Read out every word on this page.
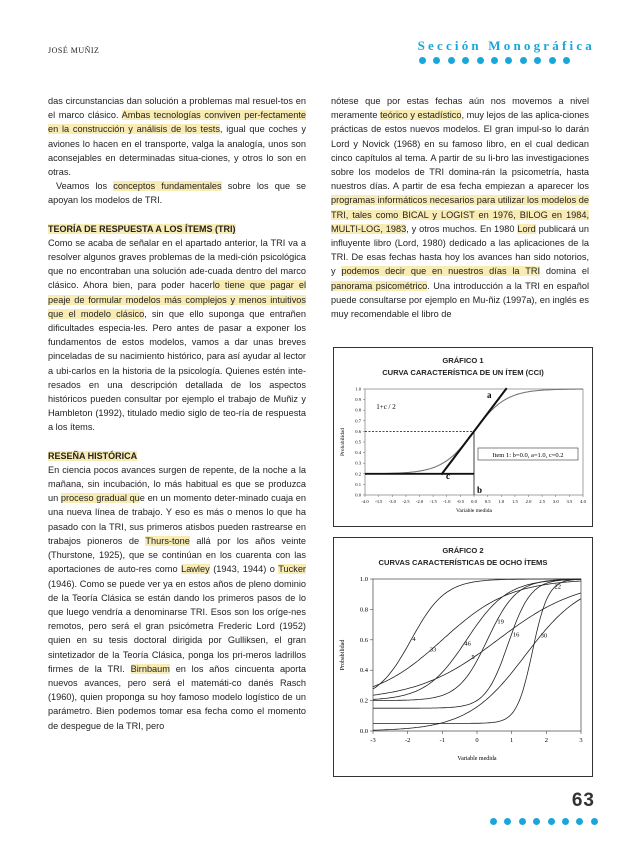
JOSÉ MUÑIZ	Sección Monográfica

das circunstancias dan solución a problemas mal resuel-tos en el marco clásico. Ambas tecnologías conviven per-fectamente en la construcción y análisis de los tests, igual que coches y aviones lo hacen en el transporte, valga la analogía, unos son aconsejables en determinadas situa-ciones, y otros lo son en otras.

Veamos los conceptos fundamentales sobre los que se apoyan los modelos de TRI.

TEORÍA DE RESPUESTA A LOS ÍTEMS (TRI)

Como se acaba de señalar en el apartado anterior, la TRI va a resolver algunos graves problemas de la medi-ción psicológica que no encontraban una solución ade-cuada dentro del marco clásico. Ahora bien, para poder hacerlo tiene que pagar el peaje de formular modelos más complejos y menos intuitivos que el modelo clásico, sin que ello suponga que entrañen dificultades especia-les. Pero antes de pasar a exponer los fundamentos de estos modelos, vamos a dar unas breves pinceladas de su nacimiento histórico, para así ayudar al lector a ubi-carlos en la historia de la psicología. Quienes estén inte-resados en una descripción detallada de los aspectos históricos pueden consultar por ejemplo el trabajo de Muñiz y Hambleton (1992), titulado medio siglo de teo-ría de respuesta a los ítems.

RESEÑA HISTÓRICA

En ciencia pocos avances surgen de repente, de la noche a la mañana, sin incubación, lo más habitual es que se produzca un proceso gradual que en un momento deter-minado cuaja en una nueva línea de trabajo. Y eso es más o menos lo que ha pasado con la TRI, sus primeros atisbos pueden rastrearse en trabajos pioneros de Thurs-tone allá por los años veinte (Thurstone, 1925), que se continúan en los cuarenta con las aportaciones de auto-res como Lawley (1943, 1944) o Tucker (1946). Como se puede ver ya en estos años de pleno dominio de la Teoría Clásica se están dando los primeros pasos de lo que luego vendría a denominarse TRI. Esos son los oríge-nes remotos, pero será el gran psicómetra Frederic Lord (1952) quien en su tesis doctoral dirigida por Gulliksen, el gran sintetizador de la Teoría Clásica, ponga los pri-meros ladrillos firmes de la TRI. Birnbaum en los años cincuenta aporta nuevos avances, pero será el matemáti-co danés Rasch (1960), quien proponga su hoy famoso modelo logístico de un parámetro. Bien podemos tomar esa fecha como el momento de despegue de la TRI, pero

nótese que por estas fechas aún nos movemos a nivel meramente teórico y estadístico, muy lejos de las aplica-ciones prácticas de estos nuevos modelos. El gran impul-so lo darán Lord y Novick (1968) en su famoso libro, en el cual dedican cinco capítulos al tema. A partir de su li-bro las investigaciones sobre los modelos de TRI domina-rán la psicometría, hasta nuestros días. A partir de esa fecha empiezan a aparecer los programas informáticos necesarios para utilizar los modelos de TRI, tales como BICAL y LOGIST en 1976, BILOG en 1984, MULTI-LOG, 1983, y otros muchos. En 1980 Lord publicará un influyente libro (Lord, 1980) dedicado a las aplicaciones de la TRI. De esas fechas hasta hoy los avances han sido notorios, y podemos decir que en nuestros días la TRI domina el panorama psicométrico. Una introducción a la TRI en español puede consultarse por ejemplo en Mu-ñiz (1997a), en inglés es muy recomendable el libro de

GRÁFICO 1
CURVA CARACTERÍSTICA DE UN ÍTEM (CCI)
Probabilidad
Variable medida
-4.0 -3.5 -3.0 -2.5 -2.0 -1.5 -1.0 -0.5 0.0 0.5 1.0 1.5 2.0 2.5 3.0 3.5 4.0
0.0
0.1
0.2
0.3
0.4
0.5
0.6
0.7
0.8
0.9
1.0
Item 1: b=0.0, a=1.0, c=0.2
1+c / 2
a
b
c
GRÁFICO 2
CURVAS CARACTERÍSTICAS DE OCHO ÍTEMS
Probabilidad
Variable medida
-3	-2	-1	0	1	2	3
0.0
0.2
0.4
0.6
0.8
1.0
4
33
46
5
19
16
22
30
63
